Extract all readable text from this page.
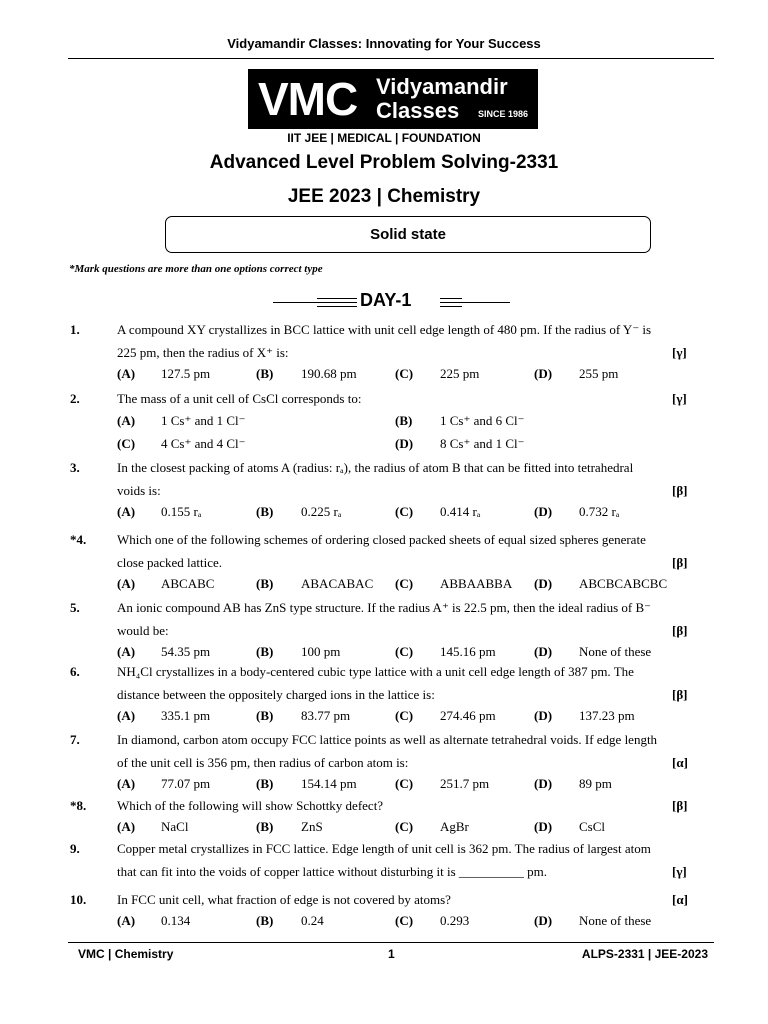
Vidyamandir Classes: Innovating for Your Success
VMC Vidyamandir
Classes SINCE 1986
IIT JEE | MEDICAL | FOUNDATION
Advanced Level Problem Solving-2331
JEE 2023 | Chemistry
Solid state
*Mark questions are more than one options correct type
DAY-1
1.	A compound XY crystallizes in BCC lattice with unit cell edge length of 480 pm. If the radius of Y⁻ is
225 pm, then the radius of X⁺ is:	[γ]
(A) 127.5 pm	(B) 190.68 pm	(C) 225 pm	(D) 255 pm
2.	The mass of a unit cell of CsCl corresponds to:	[γ]
(A) 1 Cs⁺ and 1 Cl⁻	(B) 1 Cs⁺ and 6 Cl⁻
(C) 4 Cs⁺ and 4 Cl⁻	(D) 8 Cs⁺ and 1 Cl⁻
3.	In the closest packing of atoms A (radius: rₐ), the radius of atom B that can be fitted into tetrahedral
voids is:	[β]
(A) 0.155 rₐ	(B) 0.225 rₐ	(C) 0.414 rₐ	(D) 0.732 rₐ
*4. Which one of the following schemes of ordering closed packed sheets of equal sized spheres generate
close packed lattice.	[β]
(A) ABCABC	(B) ABACABAC (C) ABBAABBA (D) ABCBCABCBC
5.	An ionic compound AB has ZnS type structure. If the radius A⁺ is 22.5 pm, then the ideal radius of B⁻
would be:	[β]
(A) 54.35 pm	(B) 100 pm	(C) 145.16 pm	(D) None of these
6.	NH₄Cl crystallizes in a body-centered cubic type lattice with a unit cell edge length of 387 pm. The
distance between the oppositely charged ions in the lattice is:	[β]
(A) 335.1 pm	(B) 83.77 pm	(C) 274.46 pm	(D) 137.23 pm
7.	In diamond, carbon atom occupy FCC lattice points as well as alternate tetrahedral voids. If edge length
of the unit cell is 356 pm, then radius of carbon atom is:	[α]
(A) 77.07 pm	(B) 154.14 pm	(C) 251.7 pm	(D) 89 pm
*8. Which of the following will show Schottky defect?	[β]
(A) NaCl	(B) ZnS	(C) AgBr	(D) CsCl
9.	Copper metal crystallizes in FCC lattice. Edge length of unit cell is 362 pm. The radius of largest atom
that can fit into the voids of copper lattice without disturbing it is __________ pm.	[γ]
10. In FCC unit cell, what fraction of edge is not covered by atoms?	[α]
(A) 0.134	(B) 0.24	(C) 0.293	(D) None of these
VMC | Chemistry	1	ALPS-2331 | JEE-2023
